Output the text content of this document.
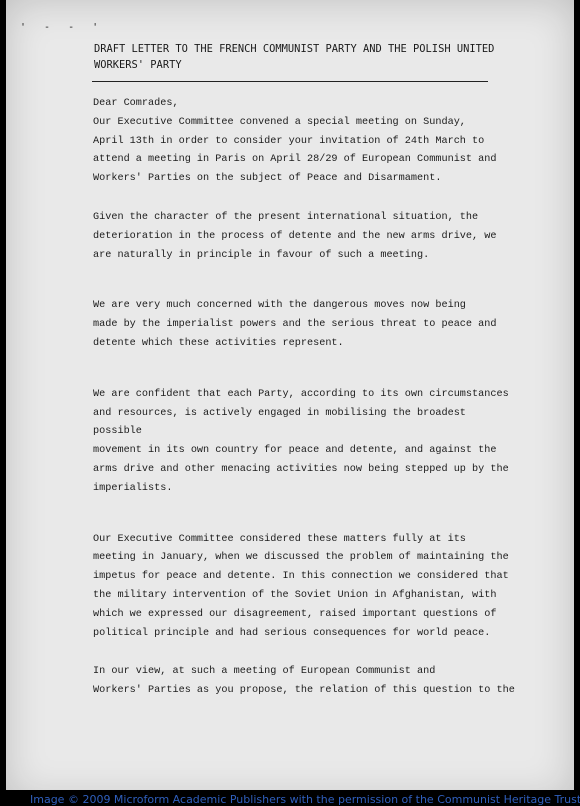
' - - '
DRAFT LETTER TO THE FRENCH COMMUNIST PARTY AND THE POLISH UNITED
WORKERS' PARTY

Dear Comrades,

Our Executive Committee convened a special meeting on Sunday,
April 13th in order to consider your invitation of 24th March to
attend a meeting in Paris on April 28/29 of European Communist and
Workers' Parties on the subject of Peace and Disarmament.

Given the character of the present international situation, the
deterioration in the process of detente and the new arms drive, we
are naturally in principle in favour of such a meeting.

We are very much concerned with the dangerous moves now being
made by the imperialist powers and the serious threat to peace and
detente which these activities represent.

We are confident that each Party, according to its own circumstances
and resources, is actively engaged in mobilising the broadest possible
movement in its own country for peace and detente, and against the
arms drive and other menacing activities now being stepped up by the
imperialists.

Our Executive Committee considered these matters fully at its
meeting in January, when we discussed the problem of maintaining the
impetus for peace and detente. In this connection we considered that
the military intervention of the Soviet Union in Afghanistan, with
which we expressed our disagreement, raised important questions of
political principle and had serious consequences for world peace.

In our view, at such a meeting of European Communist and
Workers' Parties as you propose, the relation of this question to the

Image © 2009 Microform Academic Publishers with the permission of the Communist Heritage Trust
